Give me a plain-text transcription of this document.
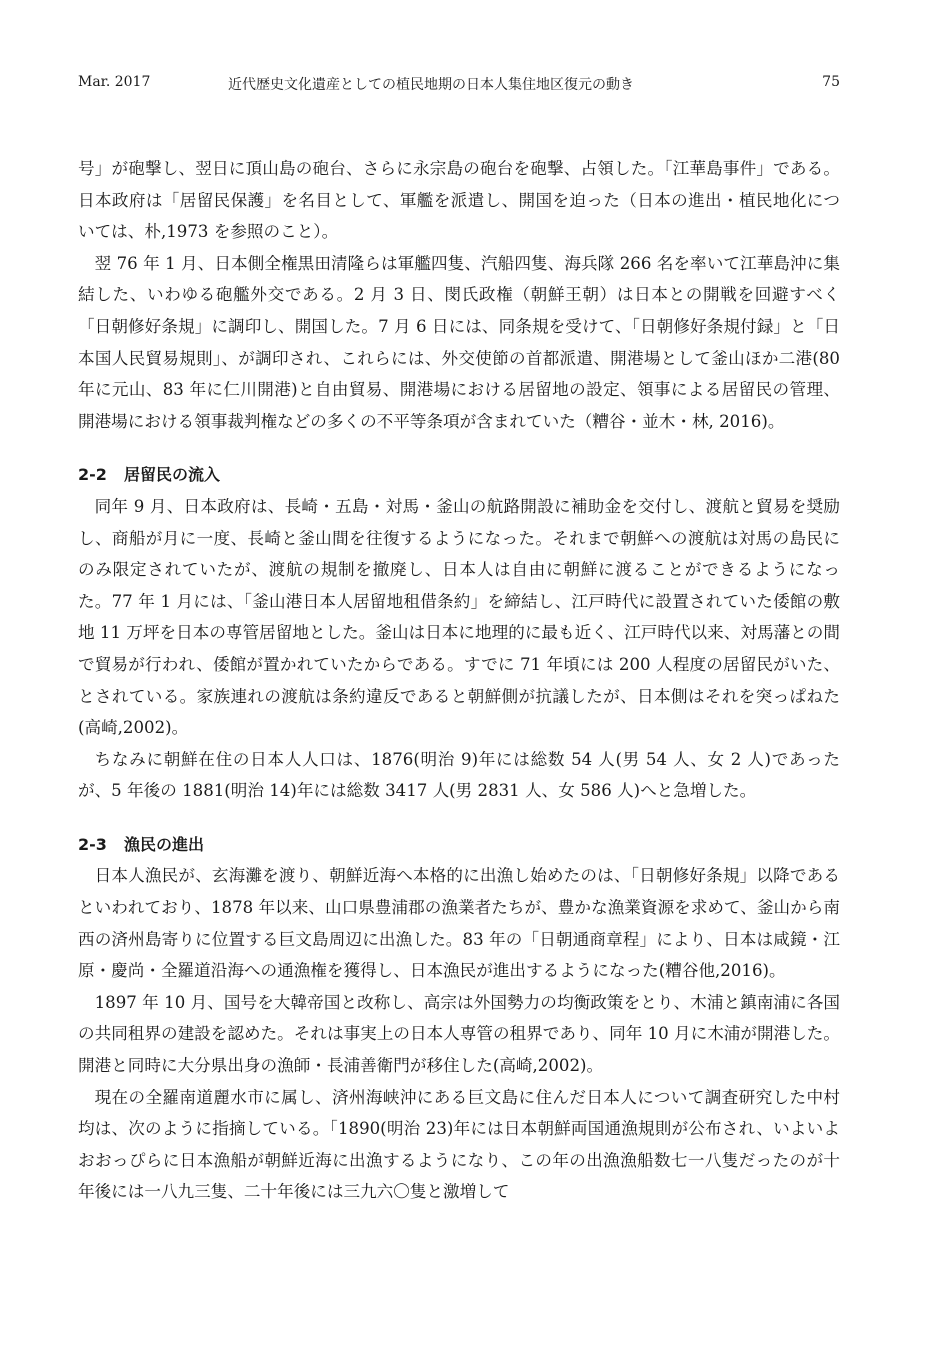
Mar. 2017	近代歴史文化遺産としての植民地期の日本人集住地区復元の動き	75

号」が砲撃し、翌日に頂山島の砲台、さらに永宗島の砲台を砲撃、占領した。「江華島事件」である。日本政府は「居留民保護」を名目として、軍艦を派遣し、開国を迫った（日本の進出・植民地化については、朴,1973 を参照のこと）。

翌 76 年 1 月、日本側全権黒田清隆らは軍艦四隻、汽船四隻、海兵隊 266 名を率いて江華島沖に集結した、いわゆる砲艦外交である。2 月 3 日、閔氏政権（朝鮮王朝）は日本との開戦を回避すべく「日朝修好条規」に調印し、開国した。7 月 6 日には、同条規を受けて、「日朝修好条規付録」と「日本国人民貿易規則」、が調印され、これらには、外交使節の首都派遣、開港場として釜山ほか二港(80 年に元山、83 年に仁川開港)と自由貿易、開港場における居留地の設定、領事による居留民の管理、開港場における領事裁判権などの多くの不平等条項が含まれていた（糟谷・並木・林, 2016)。

2-2 居留民の流入

同年 9 月、日本政府は、長崎・五島・対馬・釜山の航路開設に補助金を交付し、渡航と貿易を奨励し、商船が月に一度、長崎と釜山間を往復するようになった。それまで朝鮮への渡航は対馬の島民にのみ限定されていたが、渡航の規制を撤廃し、日本人は自由に朝鮮に渡ることができるようになった。77 年 1 月には、「釜山港日本人居留地租借条約」を締結し、江戸時代に設置されていた倭館の敷地 11 万坪を日本の専管居留地とした。釜山は日本に地理的に最も近く、江戸時代以来、対馬藩との間で貿易が行われ、倭館が置かれていたからである。すでに 71 年頃には 200 人程度の居留民がいた、とされている。家族連れの渡航は条約違反であると朝鮮側が抗議したが、日本側はそれを突っぱねた(高崎,2002)。

ちなみに朝鮮在住の日本人人口は、1876(明治 9)年には総数 54 人(男 54 人、女 2 人)であったが、5 年後の 1881(明治 14)年には総数 3417 人(男 2831 人、女 586 人)へと急増した。

2-3 漁民の進出

日本人漁民が、玄海灘を渡り、朝鮮近海へ本格的に出漁し始めたのは、「日朝修好条規」以降であるといわれており、1878 年以来、山口県豊浦郡の漁業者たちが、豊かな漁業資源を求めて、釜山から南西の済州島寄りに位置する巨文島周辺に出漁した。83 年の「日朝通商章程」により、日本は咸鏡・江原・慶尚・全羅道沿海への通漁権を獲得し、日本漁民が進出するようになった(糟谷他,2016)。

1897 年 10 月、国号を大韓帝国と改称し、高宗は外国勢力の均衡政策をとり、木浦と鎮南浦に各国の共同租界の建設を認めた。それは事実上の日本人専管の租界であり、同年 10 月に木浦が開港した。開港と同時に大分県出身の漁師・長浦善衛門が移住した(高崎,2002)。

現在の全羅南道麗水市に属し、済州海峡沖にある巨文島に住んだ日本人について調査研究した中村均は、次のように指摘している。「1890(明治 23)年には日本朝鮮両国通漁規則が公布され、いよいよおおっぴらに日本漁船が朝鮮近海に出漁するようになり、この年の出漁漁船数七一八隻だったのが十年後には一八九三隻、二十年後には三九六〇隻と激増して
